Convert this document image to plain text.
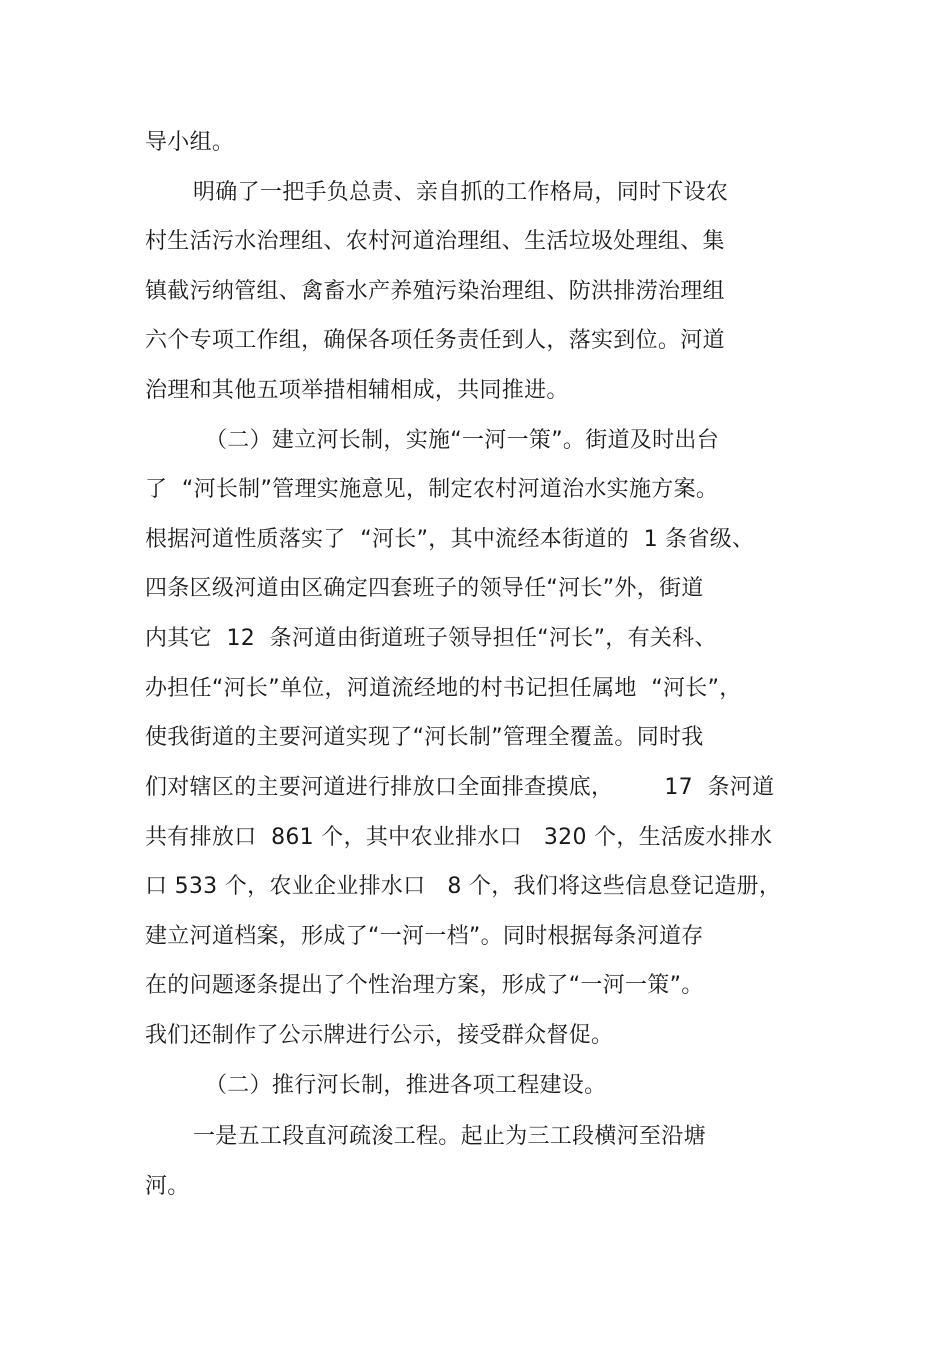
导小组。
明确了一把手负总责、亲自抓的工作格局，同时下设农
村生活污水治理组、农村河道治理组、生活垃圾处理组、集
镇截污纳管组、禽畜水产养殖污染治理组、防洪排涝治理组
六个专项工作组，确保各项任务责任到人，落实到位。河道
治理和其他五项举措相辅相成，共同推进。
（二）建立河长制，实施“一河一策”。街道及时出台
了  “河长制”管理实施意见，制定农村河道治水实施方案。
根据河道性质落实了  “河长”，其中流经本街道的  1 条省级、
四条区级河道由区确定四套班子的领导任“河长”外，街道
内其它  12  条河道由街道班子领导担任“河长”，有关科、
办担任“河长”单位，河道流经地的村书记担任属地  “河长”，
使我街道的主要河道实现了“河长制”管理全覆盖。同时我
们对辖区的主要河道进行排放口全面排查摸底，       17  条河道
共有排放口  861 个，其中农业排水口   320 个，生活废水排水
口 533 个，农业企业排水口   8 个，我们将这些信息登记造册，
建立河道档案，形成了“一河一档”。同时根据每条河道存
在的问题逐条提出了个性治理方案，形成了“一河一策”。
我们还制作了公示牌进行公示，接受群众督促。
（二）推行河长制，推进各项工程建设。
一是五工段直河疏浚工程。起止为三工段横河至沿塘
河。
